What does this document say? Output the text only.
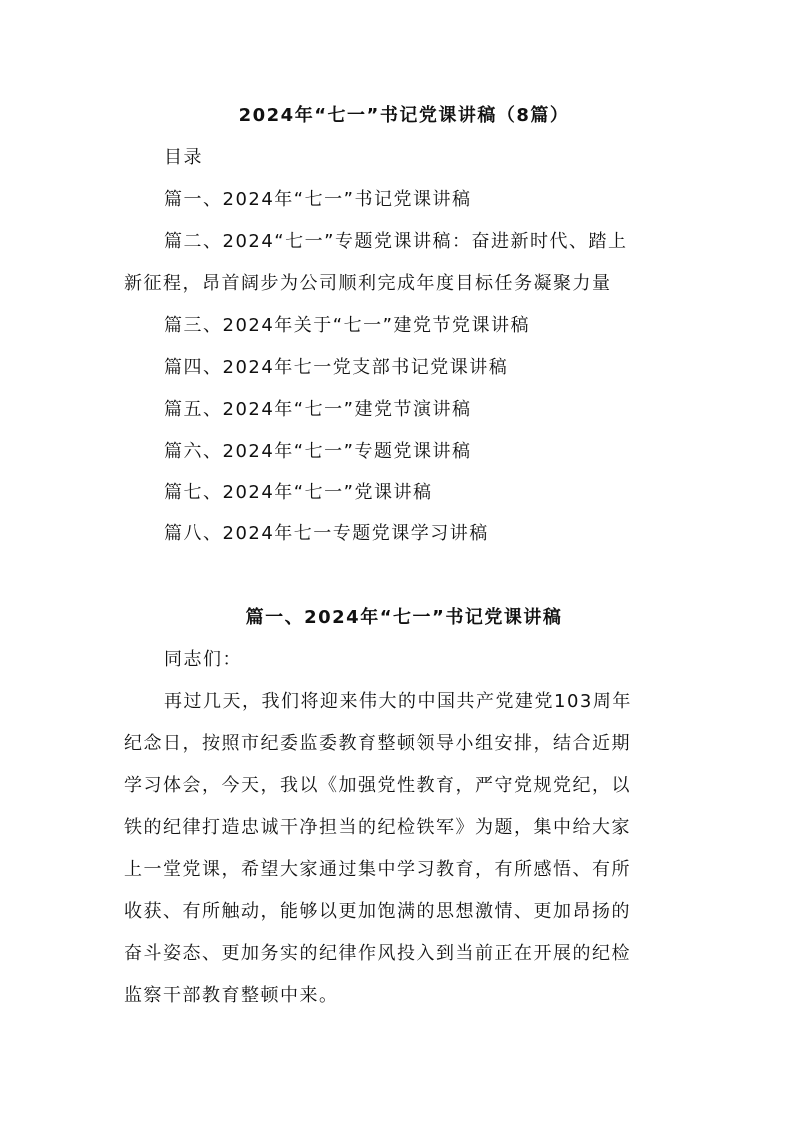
2024年“七一”书记党课讲稿（8篇）
目录
篇一、2024年“七一”书记党课讲稿
篇二、2024“七一”专题党课讲稿：奋进新时代、踏上
新征程，昂首阔步为公司顺利完成年度目标任务凝聚力量
篇三、2024年关于“七一”建党节党课讲稿
篇四、2024年七一党支部书记党课讲稿
篇五、2024年“七一”建党节演讲稿
篇六、2024年“七一”专题党课讲稿
篇七、2024年“七一”党课讲稿
篇八、2024年七一专题党课学习讲稿
篇一、2024年“七一”书记党课讲稿
同志们：
再过几天，我们将迎来伟大的中国共产党建党103周年
纪念日，按照市纪委监委教育整顿领导小组安排，结合近期
学习体会，今天，我以《加强党性教育，严守党规党纪，以
铁的纪律打造忠诚干净担当的纪检铁军》为题，集中给大家
上一堂党课，希望大家通过集中学习教育，有所感悟、有所
收获、有所触动，能够以更加饱满的思想激情、更加昂扬的
奋斗姿态、更加务实的纪律作风投入到当前正在开展的纪检
监察干部教育整顿中来。
